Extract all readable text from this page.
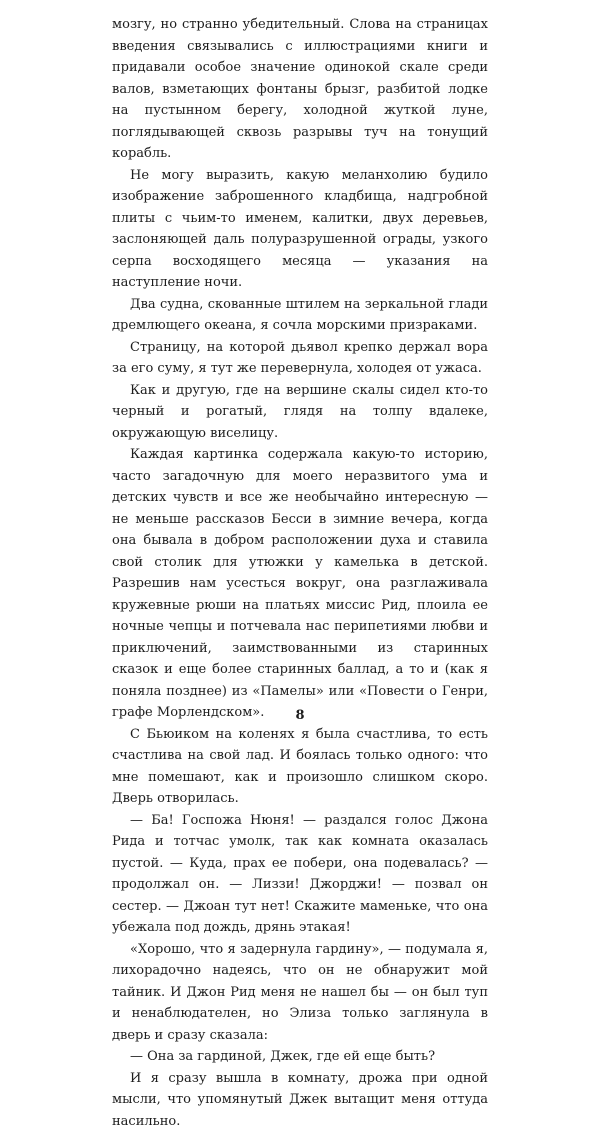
мозгу, но странно убедительный. Слова на страницах введения связывались с иллюстрациями книги и придавали особое значение одинокой скале среди валов, взметающих фонтаны брызг, разбитой лодке на пустынном берегу, холодной жуткой луне, поглядывающей сквозь разрывы туч на тонущий корабль.

Не могу выразить, какую меланхолию будило изображение заброшенного кладбища, надгробной плиты с чьим-то именем, калитки, двух деревьев, заслоняющей даль полуразрушенной ограды, узкого серпа восходящего месяца — указания на наступление ночи.

Два судна, скованные штилем на зеркальной глади дремлющего океана, я сочла морскими призраками.

Страницу, на которой дьявол крепко держал вора за его суму, я тут же перевернула, холодея от ужаса.

Как и другую, где на вершине скалы сидел кто-то черный и рогатый, глядя на толпу вдалеке, окружающую виселицу.

Каждая картинка содержала какую-то историю, часто загадочную для моего неразвитого ума и детских чувств и все же необычайно интересную — не меньше рассказов Бесси в зимние вечера, когда она бывала в добром расположении духа и ставила свой столик для утюжки у камелька в детской. Разрешив нам усесться вокруг, она разглаживала кружевные рюши на платьях миссис Рид, плоила ее ночные чепцы и потчевала нас перипетиями любви и приключений, заимствованными из старинных сказок и еще более старинных баллад, а то и (как я поняла позднее) из «Памелы» или «Повести о Генри, графе Морлендском».

С Бьюиком на коленях я была счастлива, то есть счастлива на свой лад. И боялась только одного: что мне помешают, как и произошло слишком скоро. Дверь отворилась.

— Ба! Госпожа Нюня! — раздался голос Джона Рида и тотчас умолк, так как комната оказалась пустой. — Куда, прах ее побери, она подевалась? — продолжал он. — Лиззи! Джорджи! — позвал он сестер. — Джоан тут нет! Скажите маменьке, что она убежала под дождь, дрянь этакая!

«Хорошо, что я задернула гардину», — подумала я, лихорадочно надеясь, что он не обнаружит мой тайник. И Джон Рид меня не нашел бы — он был туп и ненаблюдателен, но Элиза только заглянула в дверь и сразу сказала:

— Она за гардиной, Джек, где ей еще быть?

И я сразу вышла в комнату, дрожа при одной мысли, что упомянутый Джек вытащит меня оттуда насильно.

8
